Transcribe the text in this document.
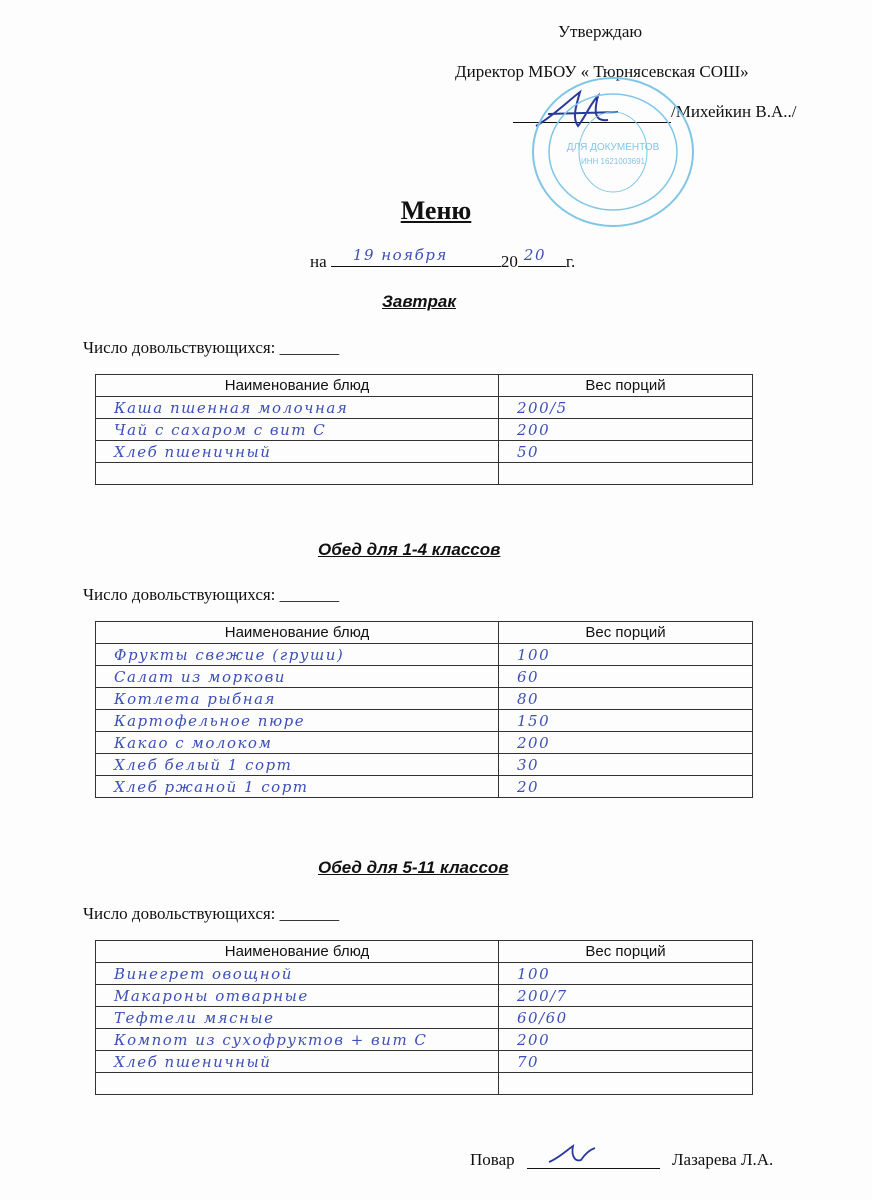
Утверждаю
Директор МБОУ « Тюрнясевская СОШ»
/Михейкин В.А../
ДЛЯ ДОКУМЕНТОВ
ИНН 1621003691
Меню
на 19 ноября	20 20 г.
Завтрак
Число довольствующихся: _______
Наименование блюд	Вес порций
Каша пшенная молочная	200/5
Чай с сахаром с вит С	200
Хлеб пшеничный	50

Обед для 1-4 классов
Число довольствующихся: _______
Наименование блюд	Вес порций
Фрукты свежие (груши)	100
Салат из моркови	60
Котлета рыбная	80
Картофельное пюре	150
Какао с молоком	200
Хлеб белый 1 сорт	30
Хлеб ржаной 1 сорт	20
Обед для 5-11 классов
Число довольствующихся: _______
Наименование блюд	Вес порций
Винегрет овощной	100
Макароны отварные	200/7
Тефтели мясные	60/60
Компот из сухофруктов + вит С	200
Хлеб пшеничный	70

Повар	Лазарева Л.А.
